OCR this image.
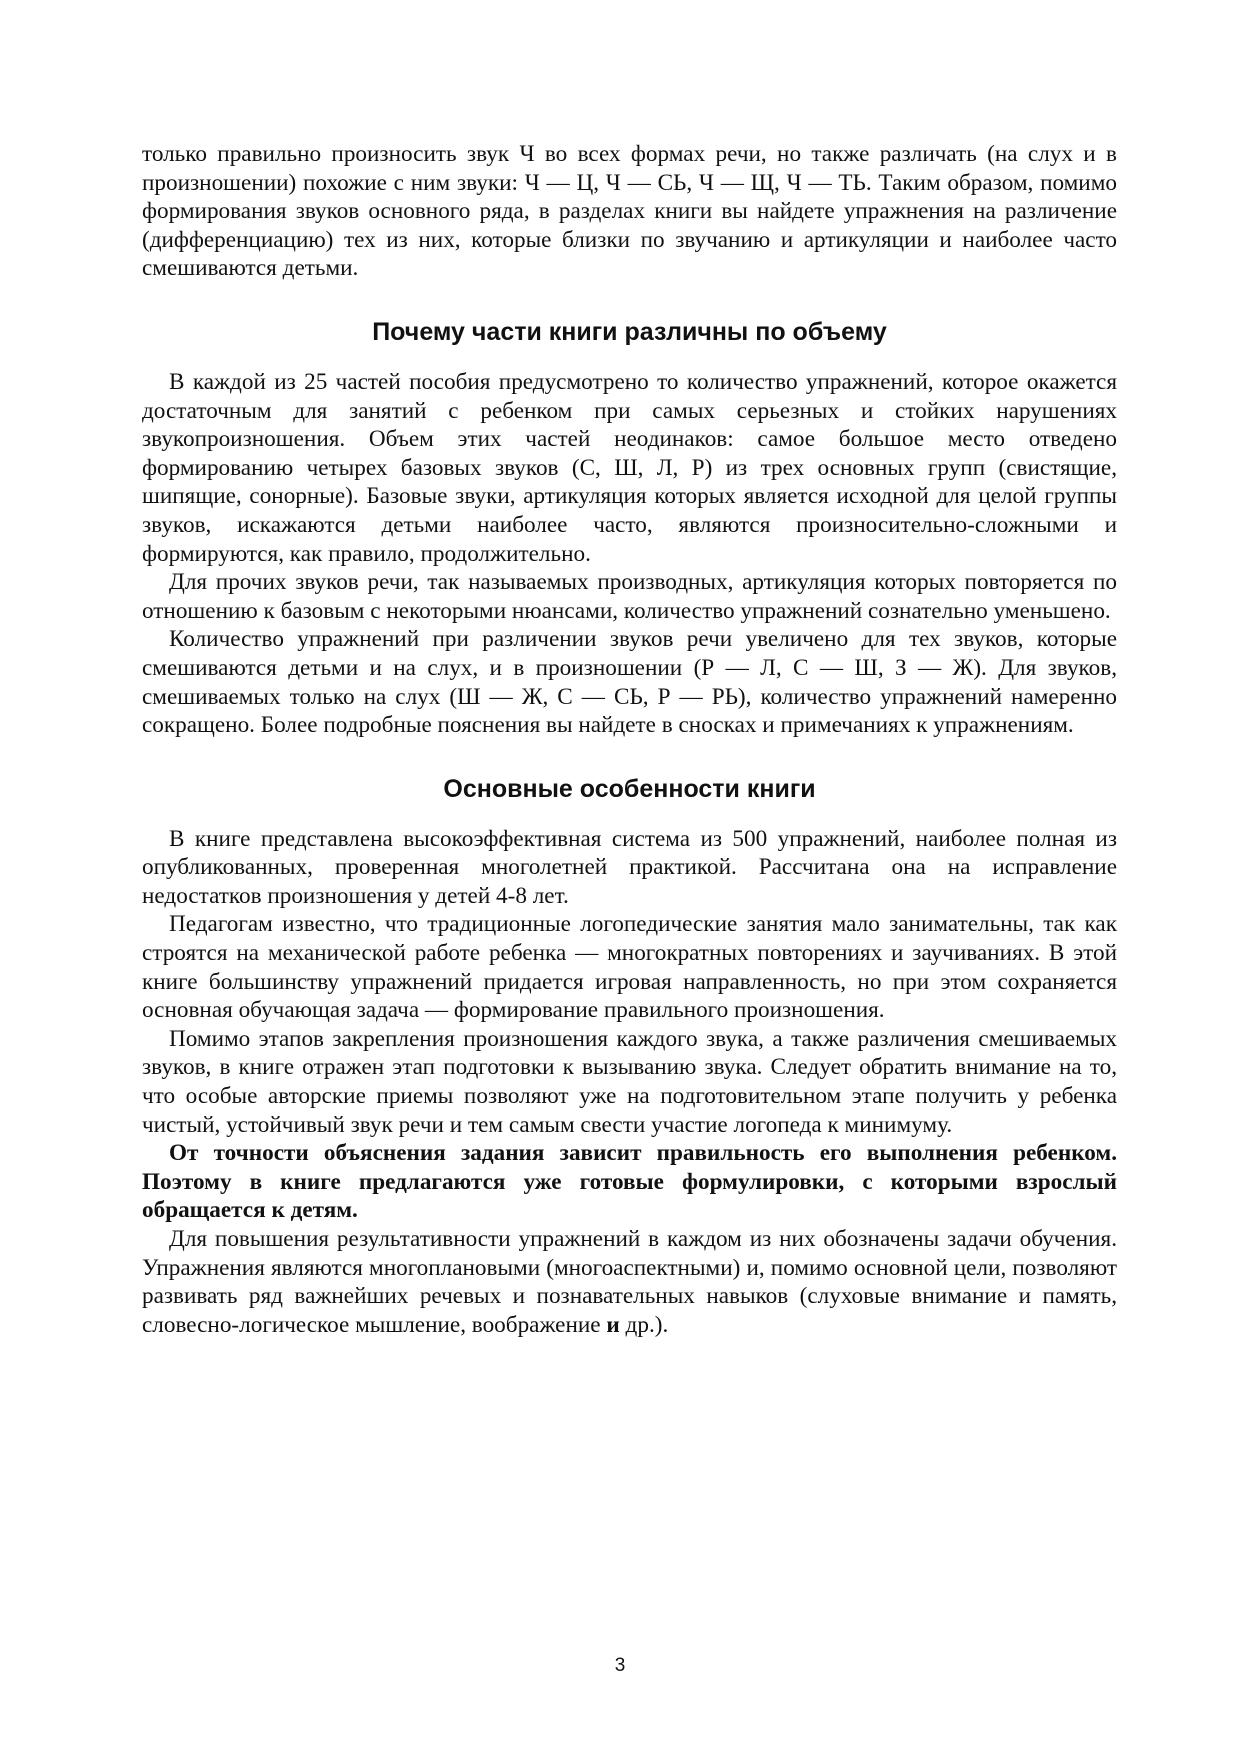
только правильно произносить звук Ч во всех формах речи, но также различать (на слух и в произношении) похожие с ним звуки: Ч — Ц, Ч — СЬ, Ч — Щ, Ч — ТЬ. Таким образом, помимо формирования звуков основного ряда, в разделах книги вы найдете упражнения на различение (дифференциацию) тех из них, которые близки по звучанию и артикуляции и наиболее часто смешиваются детьми.

Почему части книги различны по объему

В каждой из 25 частей пособия предусмотрено то количество упражнений, которое окажется достаточным для занятий с ребенком при самых серьезных и стойких нарушениях звукопроизношения. Объем этих частей неодинаков: самое большое место отведено формированию четырех базовых звуков (С, Ш, Л, Р) из трех основных групп (свистящие, шипящие, сонорные). Базовые звуки, артикуляция которых является исходной для целой группы звуков, искажаются детьми наиболее часто, являются произносительно-сложными и формируются, как правило, продолжительно.

Для прочих звуков речи, так называемых производных, артикуляция которых повторяется по отношению к базовым с некоторыми нюансами, количество упражнений сознательно уменьшено.

Количество упражнений при различении звуков речи увеличено для тех звуков, которые смешиваются детьми и на слух, и в произношении (Р — Л, С — Ш, З — Ж). Для звуков, смешиваемых только на слух (Ш — Ж, С — СЬ, Р — РЬ), количество упражнений намеренно сокращено. Более подробные пояснения вы найдете в сносках и примечаниях к упражнениям.

Основные особенности книги

В книге представлена высокоэффективная система из 500 упражнений, наиболее полная из опубликованных, проверенная многолетней практикой. Рассчитана она на исправление недостатков произношения у детей 4-8 лет.

Педагогам известно, что традиционные логопедические занятия мало занимательны, так как строятся на механической работе ребенка — многократных повторениях и заучиваниях. В этой книге большинству упражнений придается игровая направленность, но при этом сохраняется основная обучающая задача — формирование правильного произношения.

Помимо этапов закрепления произношения каждого звука, а также различения смешиваемых звуков, в книге отражен этап подготовки к вызыванию звука. Следует обратить внимание на то, что особые авторские приемы позволяют уже на подготовительном этапе получить у ребенка чистый, устойчивый звук речи и тем самым свести участие логопеда к минимуму.

От точности объяснения задания зависит правильность его выполнения ребенком. Поэтому в книге предлагаются уже готовые формулировки, с которыми взрослый обращается к детям.

Для повышения результативности упражнений в каждом из них обозначены задачи обучения. Упражнения являются многоплановыми (многоаспектными) и, помимо основной цели, позволяют развивать ряд важнейших речевых и познавательных навыков (слуховые внимание и память, словесно-логическое мышление, воображение и др.).

3
